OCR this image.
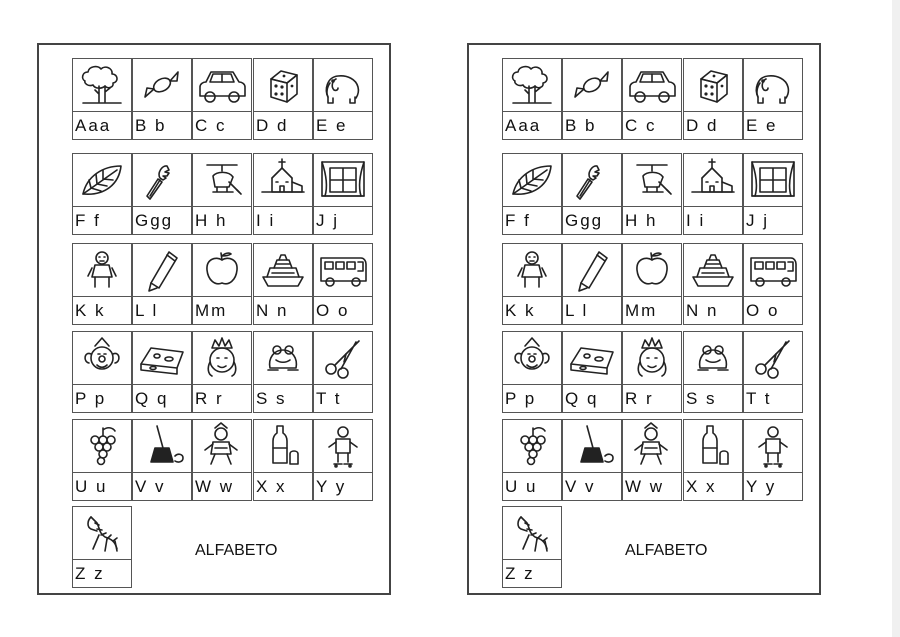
Aaa	B b	C c	D d	E e
F f	Ggg	H h	I i	J j
K k	L l	Mm	N n	O o
P p	Q q	R r	S s	T t
U u	V v	W w	X x	Y y
Z z
ALFABETO
Aaa	B b	C c	D d	E e
F f	Ggg	H h	I i	J j
K k	L l	Mm	N n	O o
P p	Q q	R r	S s	T t
U u	V v	W w	X x	Y y
Z z
ALFABETO
